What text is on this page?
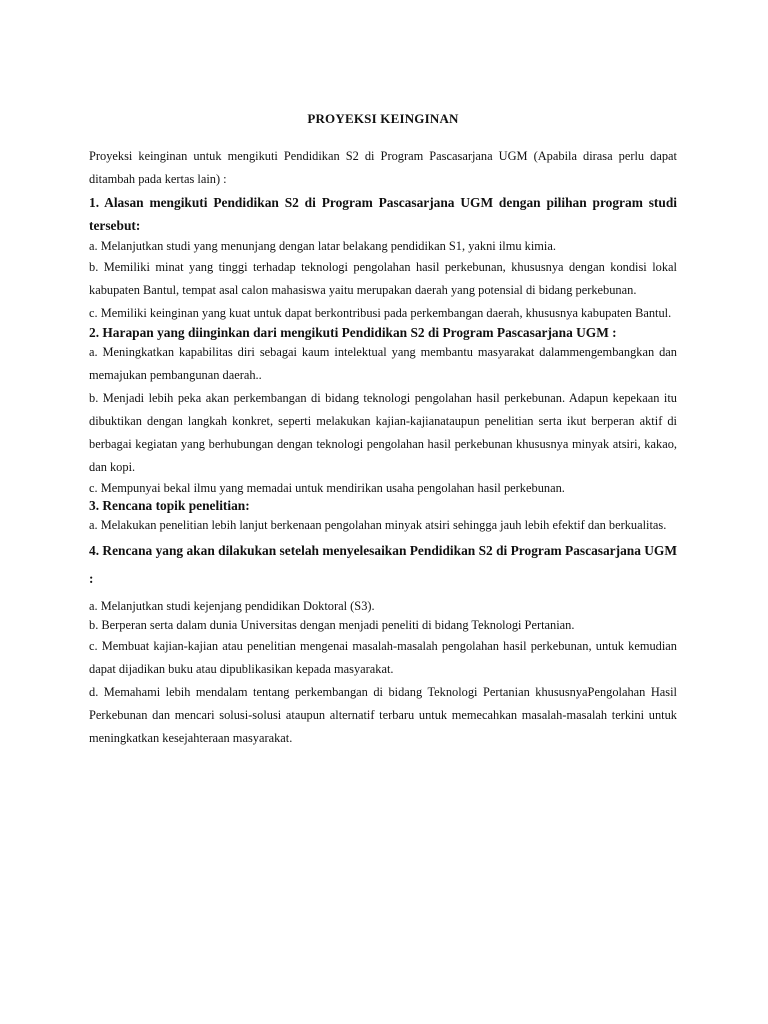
PROYEKSI KEINGINAN

Proyeksi keinginan untuk mengikuti Pendidikan S2 di Program Pascasarjana UGM (Apabila dirasa perlu dapat ditambah pada kertas lain) :

1. Alasan mengikuti Pendidikan S2 di Program Pascasarjana UGM dengan pilihan program studi tersebut:

a. Melanjutkan studi yang menunjang dengan latar belakang pendidikan S1, yakni ilmu kimia.

b. Memiliki minat yang tinggi terhadap teknologi pengolahan hasil perkebunan, khususnya dengan kondisi lokal kabupaten Bantul, tempat asal calon mahasiswa yaitu merupakan daerah yang potensial di bidang perkebunan.

c. Memiliki keinginan yang kuat untuk dapat berkontribusi pada perkembangan daerah, khususnya kabupaten Bantul.

2. Harapan yang diinginkan dari mengikuti Pendidikan S2 di Program Pascasarjana UGM :

a. Meningkatkan kapabilitas diri sebagai kaum intelektual yang membantu masyarakat dalammengembangkan dan memajukan pembangunan daerah..

b. Menjadi lebih peka akan perkembangan di bidang teknologi pengolahan hasil perkebunan. Adapun kepekaan itu dibuktikan dengan langkah konkret, seperti melakukan kajian-kajianataupun penelitian serta ikut berperan aktif di berbagai kegiatan yang berhubungan dengan teknologi pengolahan hasil perkebunan khususnya minyak atsiri, kakao, dan kopi.

c. Mempunyai bekal ilmu yang memadai untuk mendirikan usaha pengolahan hasil perkebunan.

3. Rencana topik penelitian:

a. Melakukan penelitian lebih lanjut berkenaan pengolahan minyak atsiri sehingga jauh lebih efektif dan berkualitas.

4. Rencana yang akan dilakukan setelah menyelesaikan Pendidikan S2 di Program Pascasarjana UGM :

a. Melanjutkan studi kejenjang pendidikan Doktoral (S3).

b. Berperan serta dalam dunia Universitas dengan menjadi peneliti di bidang Teknologi Pertanian.

c. Membuat kajian-kajian atau penelitian mengenai masalah-masalah pengolahan hasil perkebunan, untuk kemudian dapat dijadikan buku atau dipublikasikan kepada masyarakat.

d. Memahami lebih mendalam tentang perkembangan di bidang Teknologi Pertanian khususnyaPengolahan Hasil Perkebunan dan mencari solusi-solusi ataupun alternatif terbaru untuk memecahkan masalah-masalah terkini untuk meningkatkan kesejahteraan masyarakat.
